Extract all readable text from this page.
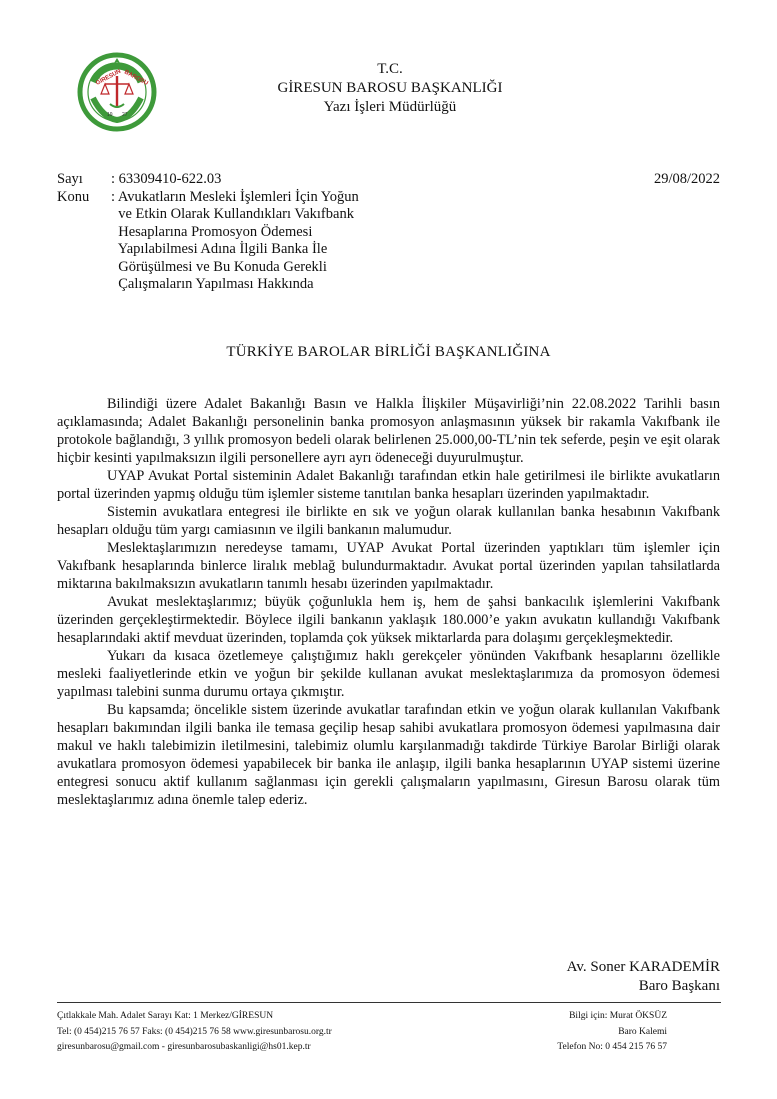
GİRESUN BAROSU
19 27
T.C.
GİRESUN BAROSU BAŞKANLIĞI
Yazı İşleri Müdürlüğü
Sayı	: 63309410-622.03
Konu	: Avukatların Mesleki İşlemleri İçin Yoğun
ve Etkin Olarak Kullandıkları Vakıfbank
Hesaplarına Promosyon Ödemesi
Yapılabilmesi Adına İlgili Banka İle
Görüşülmesi ve Bu Konuda Gerekli
Çalışmaların Yapılması Hakkında
29/08/2022
TÜRKİYE BAROLAR BİRLİĞİ BAŞKANLIĞINA

Bilindiği üzere Adalet Bakanlığı Basın ve Halkla İlişkiler Müşavirliği’nin 22.08.2022 Tarihli basın açıklamasında; Adalet Bakanlığı personelinin banka promosyon anlaşmasının yüksek bir rakamla Vakıfbank ile protokole bağlandığı, 3 yıllık promosyon bedeli olarak belirlenen 25.000,00-TL’nin tek seferde, peşin ve eşit olarak hiçbir kesinti yapılmaksızın ilgili personellere ayrı ayrı ödeneceği duyurulmuştur.

UYAP Avukat Portal sisteminin Adalet Bakanlığı tarafından etkin hale getirilmesi ile birlikte avukatların portal üzerinden yapmış olduğu tüm işlemler sisteme tanıtılan banka hesapları üzerinden yapılmaktadır.

Sistemin avukatlara entegresi ile birlikte en sık ve yoğun olarak kullanılan banka hesabının Vakıfbank hesapları olduğu tüm yargı camiasının ve ilgili bankanın malumudur.

Meslektaşlarımızın neredeyse tamamı, UYAP Avukat Portal üzerinden yaptıkları tüm işlemler için Vakıfbank hesaplarında binlerce liralık meblağ bulundurmaktadır. Avukat portal üzerinden yapılan tahsilatlarda miktarına bakılmaksızın avukatların tanımlı hesabı üzerinden yapılmaktadır.

Avukat meslektaşlarımız; büyük çoğunlukla hem iş, hem de şahsi bankacılık işlemlerini Vakıfbank üzerinden gerçekleştirmektedir. Böylece ilgili bankanın yaklaşık 180.000’e yakın avukatın kullandığı Vakıfbank hesaplarındaki aktif mevduat üzerinden, toplamda çok yüksek miktarlarda para dolaşımı gerçekleşmektedir.

Yukarı da kısaca özetlemeye çalıştığımız haklı gerekçeler yönünden Vakıfbank hesaplarını özellikle mesleki faaliyetlerinde etkin ve yoğun bir şekilde kullanan avukat meslektaşlarımıza da promosyon ödemesi yapılması talebini sunma durumu ortaya çıkmıştır.

Bu kapsamda; öncelikle sistem üzerinde avukatlar tarafından etkin ve yoğun olarak kullanılan Vakıfbank hesapları bakımından ilgili banka ile temasa geçilip hesap sahibi avukatlara promosyon ödemesi yapılmasına dair makul ve haklı talebimizin iletilmesini, talebimiz olumlu karşılanmadığı takdirde Türkiye Barolar Birliği olarak avukatlara promosyon ödemesi yapabilecek bir banka ile anlaşıp, ilgili banka hesaplarının UYAP sistemi üzerine entegresi sonucu aktif kullanım sağlanması için gerekli çalışmaların yapılmasını, Giresun Barosu olarak tüm meslektaşlarımız adına önemle talep ederiz.

Av. Soner KARADEMİR
Baro Başkanı
Çıtlakkale Mah. Adalet Sarayı Kat: 1 Merkez/GİRESUN	Bilgi için: Murat ÖKSÜZ
Tel: (0 454)215 76 57 Faks: (0 454)215 76 58 www.giresunbarosu.org.tr	Baro Kalemi
giresunbarosu@gmail.com - giresunbarosubaskanligi@hs01.kep.tr	Telefon No: 0 454 215 76 57
